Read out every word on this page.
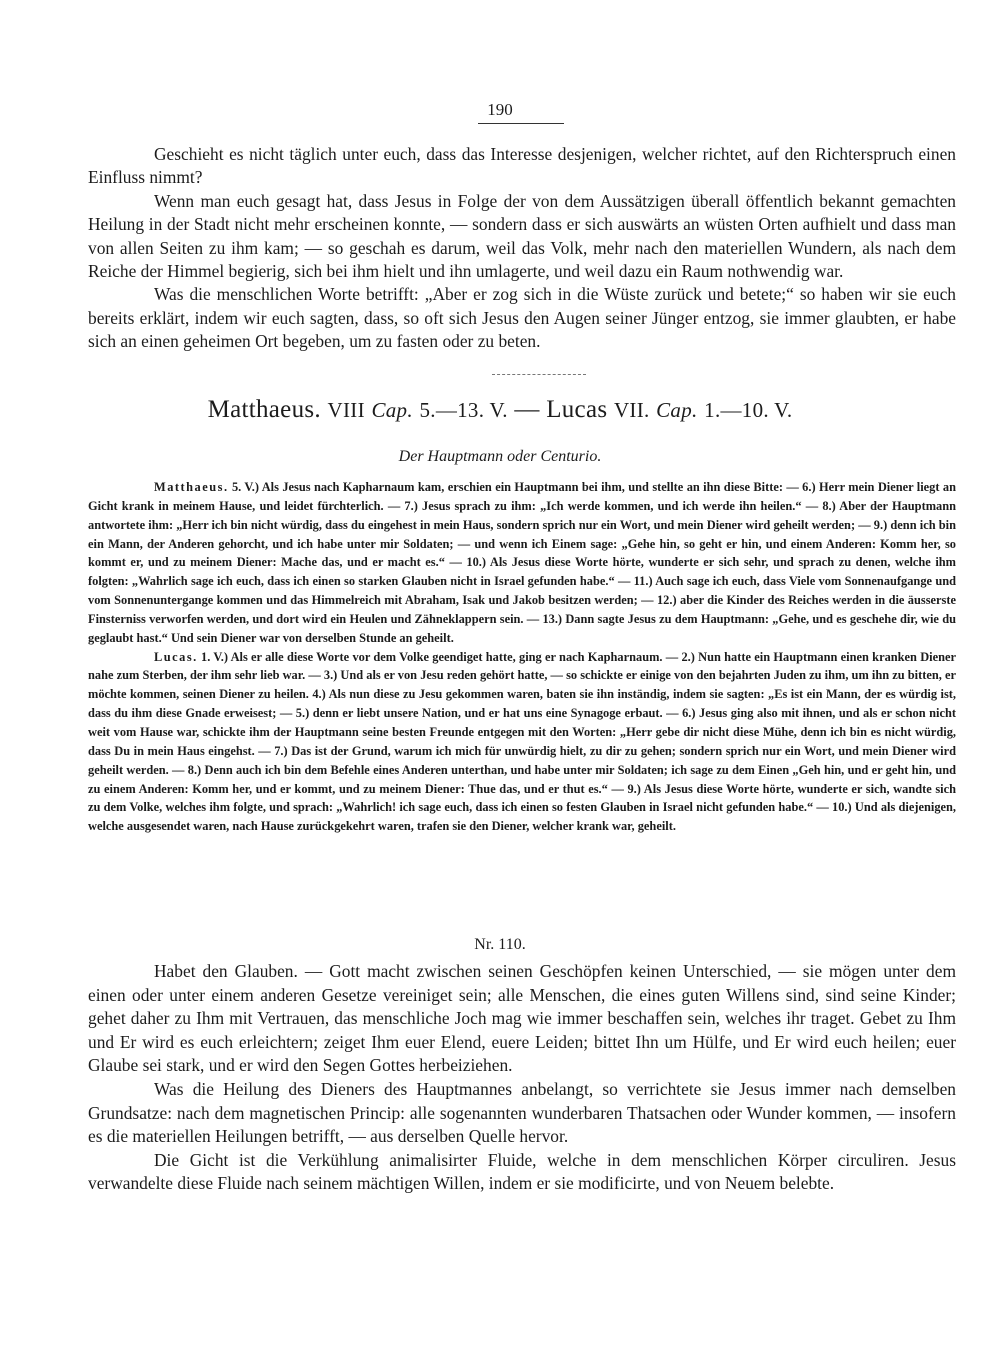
190

Geschieht es nicht täglich unter euch, dass das Interesse desjenigen, welcher richtet, auf den Richterspruch einen Einfluss nimmt?

Wenn man euch gesagt hat, dass Jesus in Folge der von dem Aussätzigen überall öffentlich bekannt gemachten Heilung in der Stadt nicht mehr erscheinen konnte, — sondern dass er sich auswärts an wüsten Orten aufhielt und dass man von allen Seiten zu ihm kam; — so geschah es darum, weil das Volk, mehr nach den materiellen Wundern, als nach dem Reiche der Himmel begierig, sich bei ihm hielt und ihn umlagerte, und weil dazu ein Raum nothwendig war.

Was die menschlichen Worte betrifft: „Aber er zog sich in die Wüste zurück und betete;“ so haben wir sie euch bereits erklärt, indem wir euch sagten, dass, so oft sich Jesus den Augen seiner Jünger entzog, sie immer glaubten, er habe sich an einen geheimen Ort begeben, um zu fasten oder zu beten.

Matthaeus. VIII Cap. 5.—13. V. — Lucas VII. Cap. 1.—10. V.
Der Hauptmann oder Centurio.

Matthaeus. 5. V.) Als Jesus nach Kapharnaum kam, erschien ein Hauptmann bei ihm, und stellte an ihn diese Bitte: — 6.) Herr mein Diener liegt an Gicht krank in meinem Hause, und leidet fürchterlich. — 7.) Jesus sprach zu ihm: „Ich werde kommen, und ich werde ihn heilen.“ — 8.) Aber der Hauptmann antwortete ihm: „Herr ich bin nicht würdig, dass du eingehest in mein Haus, sondern sprich nur ein Wort, und mein Diener wird geheilt werden; — 9.) denn ich bin ein Mann, der Anderen gehorcht, und ich habe unter mir Soldaten; — und wenn ich Einem sage: „Gehe hin, so geht er hin, und einem Anderen: Komm her, so kommt er, und zu meinem Diener: Mache das, und er macht es.“ — 10.) Als Jesus diese Worte hörte, wunderte er sich sehr, und sprach zu denen, welche ihm folgten: „Wahrlich sage ich euch, dass ich einen so starken Glauben nicht in Israel gefunden habe.“ — 11.) Auch sage ich euch, dass Viele vom Sonnenaufgange und vom Sonnenuntergange kommen und das Himmelreich mit Abraham, Isak und Jakob besitzen werden; — 12.) aber die Kinder des Reiches werden in die äusserste Finsterniss verworfen werden, und dort wird ein Heulen und Zähneklappern sein. — 13.) Dann sagte Jesus zu dem Hauptmann: „Gehe, und es geschehe dir, wie du geglaubt hast.“ Und sein Diener war von derselben Stunde an geheilt.

Lucas. 1. V.) Als er alle diese Worte vor dem Volke geendiget hatte, ging er nach Kapharnaum. — 2.) Nun hatte ein Hauptmann einen kranken Diener nahe zum Sterben, der ihm sehr lieb war. — 3.) Und als er von Jesu reden gehört hatte, — so schickte er einige von den bejahrten Juden zu ihm, um ihn zu bitten, er möchte kommen, seinen Diener zu heilen. 4.) Als nun diese zu Jesu gekommen waren, baten sie ihn inständig, indem sie sagten: „Es ist ein Mann, der es würdig ist, dass du ihm diese Gnade erweisest; — 5.) denn er liebt unsere Nation, und er hat uns eine Synagoge erbaut. — 6.) Jesus ging also mit ihnen, und als er schon nicht weit vom Hause war, schickte ihm der Hauptmann seine besten Freunde entgegen mit den Worten: „Herr gebe dir nicht diese Mühe, denn ich bin es nicht würdig, dass Du in mein Haus eingehst. — 7.) Das ist der Grund, warum ich mich für unwürdig hielt, zu dir zu gehen; sondern sprich nur ein Wort, und mein Diener wird geheilt werden. — 8.) Denn auch ich bin dem Befehle eines Anderen unterthan, und habe unter mir Soldaten; ich sage zu dem Einen „Geh hin, und er geht hin, und zu einem Anderen: Komm her, und er kommt, und zu meinem Diener: Thue das, und er thut es.“ — 9.) Als Jesus diese Worte hörte, wunderte er sich, wandte sich zu dem Volke, welches ihm folgte, und sprach: „Wahrlich! ich sage euch, dass ich einen so festen Glauben in Israel nicht gefunden habe.“ — 10.) Und als diejenigen, welche ausgesendet waren, nach Hause zurückgekehrt waren, trafen sie den Diener, welcher krank war, geheilt.

Nr. 110.

Habet den Glauben. — Gott macht zwischen seinen Geschöpfen keinen Unterschied, — sie mögen unter dem einen oder unter einem anderen Gesetze vereiniget sein; alle Menschen, die eines guten Willens sind, sind seine Kinder; gehet daher zu Ihm mit Vertrauen, das menschliche Joch mag wie immer beschaffen sein, welches ihr traget. Gebet zu Ihm und Er wird es euch erleichtern; zeiget Ihm euer Elend, euere Leiden; bittet Ihn um Hülfe, und Er wird euch heilen; euer Glaube sei stark, und er wird den Segen Gottes herbeiziehen.

Was die Heilung des Dieners des Hauptmannes anbelangt, so verrichtete sie Jesus immer nach demselben Grundsatze: nach dem magnetischen Princip: alle sogenannten wunderbaren Thatsachen oder Wunder kommen, — insofern es die materiellen Heilungen betrifft, — aus derselben Quelle hervor.

Die Gicht ist die Verkühlung animalisirter Fluide, welche in dem menschlichen Körper circuliren. Jesus verwandelte diese Fluide nach seinem mächtigen Willen, indem er sie modificirte, und von Neuem belebte.
